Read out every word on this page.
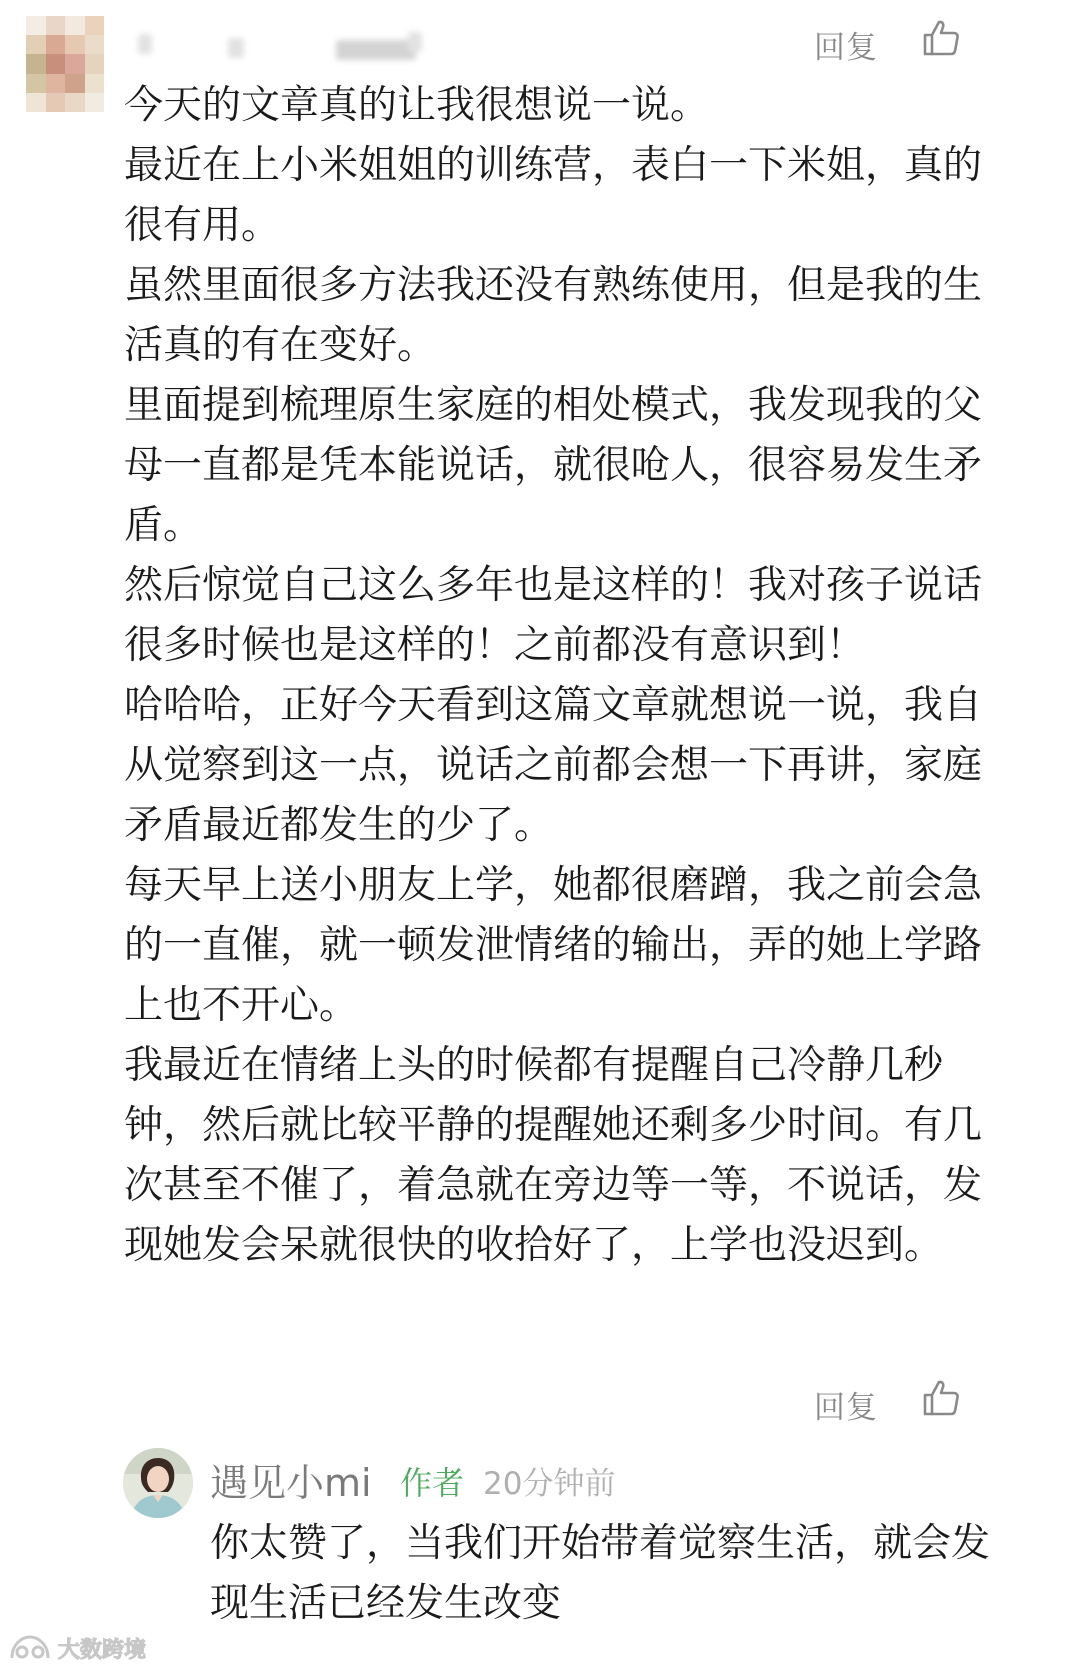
回复

今天的文章真的让我很想说一说。

最近在上小米姐姐的训练营，表白一下米姐，真的很有用。

虽然里面很多方法我还没有熟练使用，但是我的生活真的有在变好。

里面提到梳理原生家庭的相处模式，我发现我的父母一直都是凭本能说话，就很呛人，很容易发生矛盾。

然后惊觉自己这么多年也是这样的！我对孩子说话很多时候也是这样的！之前都没有意识到！

哈哈哈，正好今天看到这篇文章就想说一说，我自从觉察到这一点，说话之前都会想一下再讲，家庭矛盾最近都发生的少了。

每天早上送小朋友上学，她都很磨蹭，我之前会急的一直催，就一顿发泄情绪的输出，弄的她上学路上也不开心。

我最近在情绪上头的时候都有提醒自己冷静几秒钟，然后就比较平静的提醒她还剩多少时间。有几次甚至不催了，着急就在旁边等一等，不说话，发现她发会呆就很快的收拾好了，上学也没迟到。

遇见小mi 作者 20分钟前
回复
你太赞了，当我们开始带着觉察生活，就会发现生活已经发生改变
大数跨境
